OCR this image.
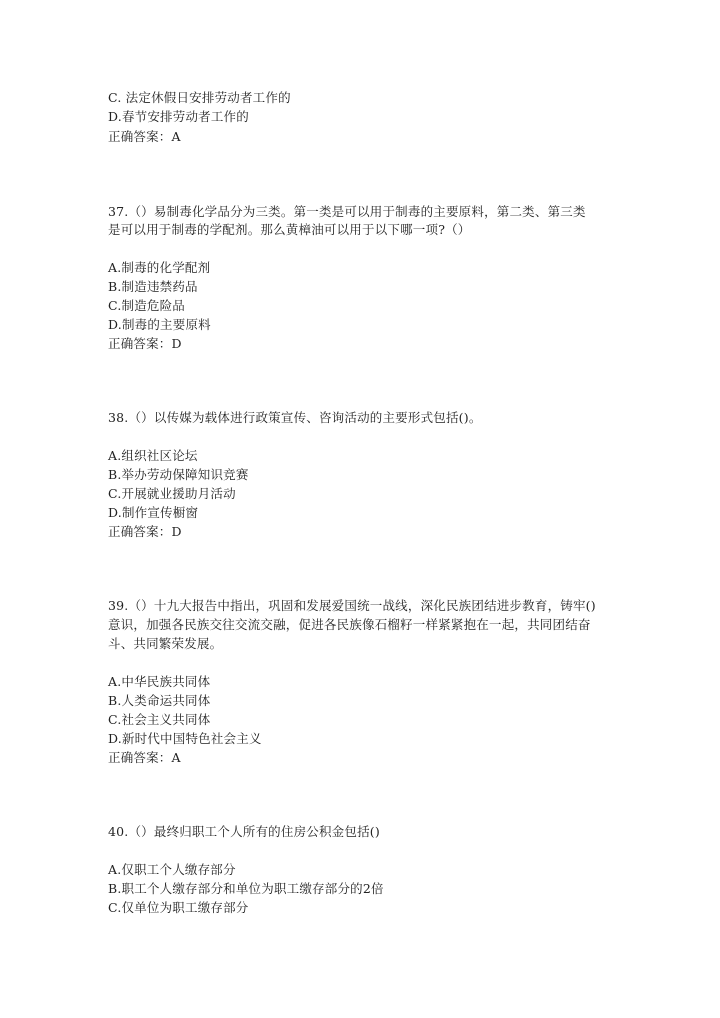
C. 法定休假日安排劳动者工作的
D.春节安排劳动者工作的
正确答案：A
37.（）易制毒化学品分为三类。第一类是可以用于制毒的主要原料，第二类、第三类
是可以用于制毒的学配剂。那么黄樟油可以用于以下哪一项?（）
A.制毒的化学配剂
B.制造违禁药品
C.制造危险品
D.制毒的主要原料
正确答案：D
38.（）以传媒为载体进行政策宣传、咨询活动的主要形式包括()。
A.组织社区论坛
B.举办劳动保障知识竞赛
C.开展就业援助月活动
D.制作宣传橱窗
正确答案：D
39.（）十九大报告中指出，巩固和发展爱国统一战线，深化民族团结进步教育，铸牢()
意识，加强各民族交往交流交融，促进各民族像石榴籽一样紧紧抱在一起，共同团结奋
斗、共同繁荣发展。
A.中华民族共同体
B.人类命运共同体
C.社会主义共同体
D.新时代中国特色社会主义
正确答案：A
40.（）最终归职工个人所有的住房公积金包括()
A.仅职工个人缴存部分
B.职工个人缴存部分和单位为职工缴存部分的2倍
C.仅单位为职工缴存部分
